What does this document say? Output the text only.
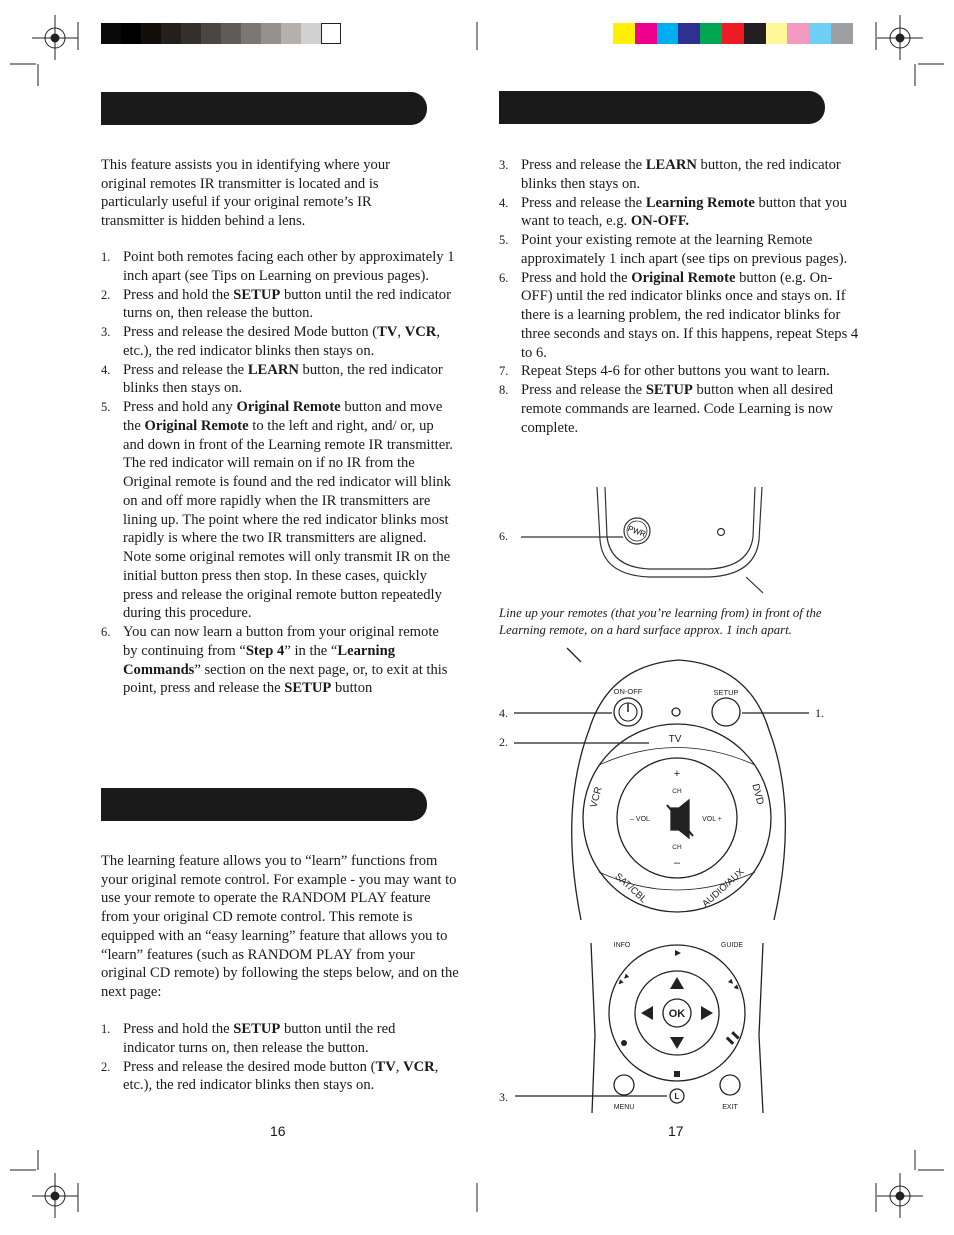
This feature assists you in identifying where your original remotes IR transmitter is located and is particularly useful if your original remote’s IR transmitter is hidden behind a lens.
1. Point both remotes facing each other by approximately 1 inch apart (see Tips on Learning on previous pages).
2. Press and hold the SETUP button until the red indicator turns on, then release the button.
3. Press and release the desired Mode button (TV, VCR, etc.), the red indicator blinks then stays on.
4. Press and release the LEARN button, the red indicator blinks then stays on.
5. Press and hold any Original Remote button and move the Original Remote to the left and right, and/ or, up and down in front of the Learning remote IR transmitter. The red indicator will remain on if no IR from the Original remote is found and the red indicator will blink on and off more rapidly when the IR transmitters are lining up. The point where the red indicator blinks most rapidly is where the two IR transmitters are aligned. Note some original remotes will only transmit IR on the initial button press then stop. In these cases, quickly press and release the original remote button repeatedly during this procedure.
6. You can now learn a button from your original remote by continuing from “Step 4” in the “Learning Commands” section on the next page, or, to exit at this point, press and release the SETUP button
The learning feature allows you to “learn” functions from your original remote control. For example - you may want to use your remote to operate the RANDOM PLAY feature from your original CD remote control. This remote is equipped with an “easy learning” feature that allows you to “learn” features (such as RANDOM PLAY from your original CD remote) by following the steps below, and on the next page:
1. Press and hold the SETUP button until the red indicator turns on, then release the button.
2. Press and release the desired mode button (TV, VCR, etc.), the red indicator blinks then stays on.
16
3. Press and release the LEARN button, the red indicator blinks then stays on.
4. Press and release the Learning Remote button that you want to teach, e.g. ON-OFF.
5. Point your existing remote at the learning Remote approximately 1 inch apart (see tips on previous pages).
6. Press and hold the Original Remote button (e.g. On-OFF) until the red indicator blinks once and stays on. If there is a learning problem, the red indicator blinks for three seconds and stays on. If this happens, repeat Steps 4 to 6.
7. Repeat Steps 4-6 for other buttons you want to learn.
8. Press and release the SETUP button when all desired remote commands are learned. Code Learning is now complete.
PWR
6.
Line up your remotes (that you’re learning from) in front of the Learning remote, on a hard surface approx. 1 inch apart.
ON-OFF	SETUP
TV
VCR	DVD
+
CH
CH
–
– VOL	VOL +
SAT/CBL	AUDIO/AUX
4.
2.
1.
◄◄	►►
❚❚
INFO	GUIDE
OK
MENU	EXIT
L
3.
17
